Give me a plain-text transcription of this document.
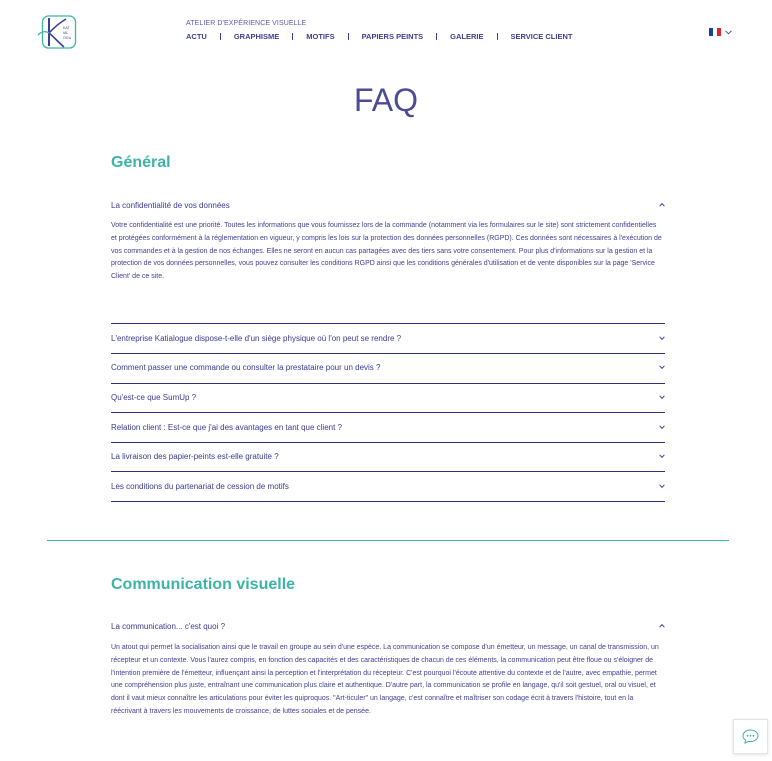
KAT
IAL
OGU
ATELIER D'EXPÉRIENCE VISUELLE
ACTU	GRAPHISME	MOTIFS	PAPIERS PEINTS	GALERIE	SERVICE CLIENT
FAQ
Général
La confidentialité de vos données

Votre confidentialité est une priorité. Toutes les informations que vous fournissez lors de la commande (notamment via les formulaires sur le site) sont strictement confidentielles et protégées conformément à la réglementation en vigueur, y compris les lois sur la protection des données personnelles (RGPD). Ces données sont nécessaires à l'exécution de vos commandes et à la gestion de nos échanges. Elles ne seront en aucun cas partagées avec des tiers sans votre consentement. Pour plus d'informations sur la gestion et la protection de vos données personnelles, vous pouvez consulter les conditions RGPD ainsi que les conditions générales d'utilisation et de vente disponibles sur la page 'Service Client' de ce site.

L'entreprise Katialogue dispose-t-elle d'un siège physique où l'on peut se rendre ?
Comment passer une commande ou consulter la prestataire pour un devis ?
Qu'est-ce que SumUp ?
Relation client : Est-ce que j'ai des avantages en tant que client ?
La livraison des papier-peints est-elle gratuite ?
Les conditions du partenariat de cession de motifs
Communication visuelle
La communication... c'est quoi ?

Un atout qui permet la socialisation ainsi que le travail en groupe au sein d'une espèce. La communication se compose d'un émetteur, un message, un canal de transmission, un récepteur et un contexte. Vous l'aurez compris, en fonction des capacités et des caractéristiques de chacun de ces éléments, la communication peut être floue ou s'éloigner de l'intention première de l'émetteur, influençant ainsi la perception et l'interprétation du récepteur. C'est pourquoi l'écoute attentive du contexte et de l'autre, avec empathie, permet une compréhension plus juste, entraînant une communication plus claire et authentique. D'autre part, la communication se profile en langage, qu'il soit gestuel, oral ou visuel, et dont il vaut mieux connaître les articulations pour éviter les quiproquos. "Art-ticuler" un langage, c'est connaître et maîtriser son codage écrit à travers l'histoire, tout en la réécrivant à travers les mouvements de croissance, de luttes sociales et de pensée.
